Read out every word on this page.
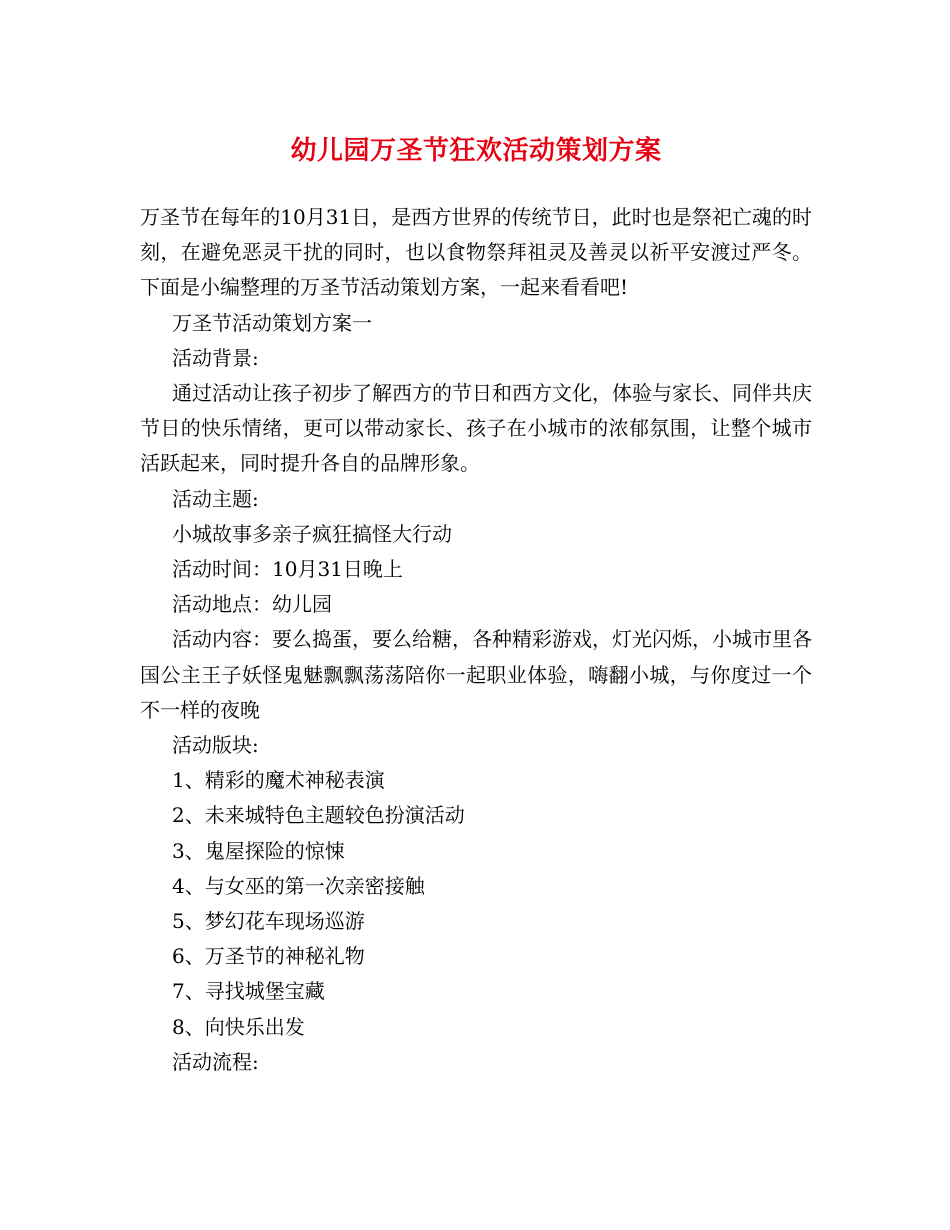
幼儿园万圣节狂欢活动策划方案

万圣节在每年的10月31日，是西方世界的传统节日，此时也是祭祀亡魂的时刻，在避免恶灵干扰的同时，也以食物祭拜祖灵及善灵以祈平安渡过严冬。下面是小编整理的万圣节活动策划方案，一起来看看吧!

万圣节活动策划方案一

活动背景:

通过活动让孩子初步了解西方的节日和西方文化，体验与家长、同伴共庆节日的快乐情绪，更可以带动家长、孩子在小城市的浓郁氛围，让整个城市活跃起来，同时提升各自的品牌形象。

活动主题:

小城故事多亲子疯狂搞怪大行动

活动时间：10月31日晚上

活动地点：幼儿园

活动内容：要么捣蛋，要么给糖，各种精彩游戏，灯光闪烁，小城市里各国公主王子妖怪鬼魅飘飘荡荡陪你一起职业体验，嗨翻小城，与你度过一个不一样的夜晚

活动版块:

1、精彩的魔术神秘表演

2、未来城特色主题较色扮演活动

3、鬼屋探险的惊悚

4、与女巫的第一次亲密接触

5、梦幻花车现场巡游

6、万圣节的神秘礼物

7、寻找城堡宝藏

8、向快乐出发

活动流程:
